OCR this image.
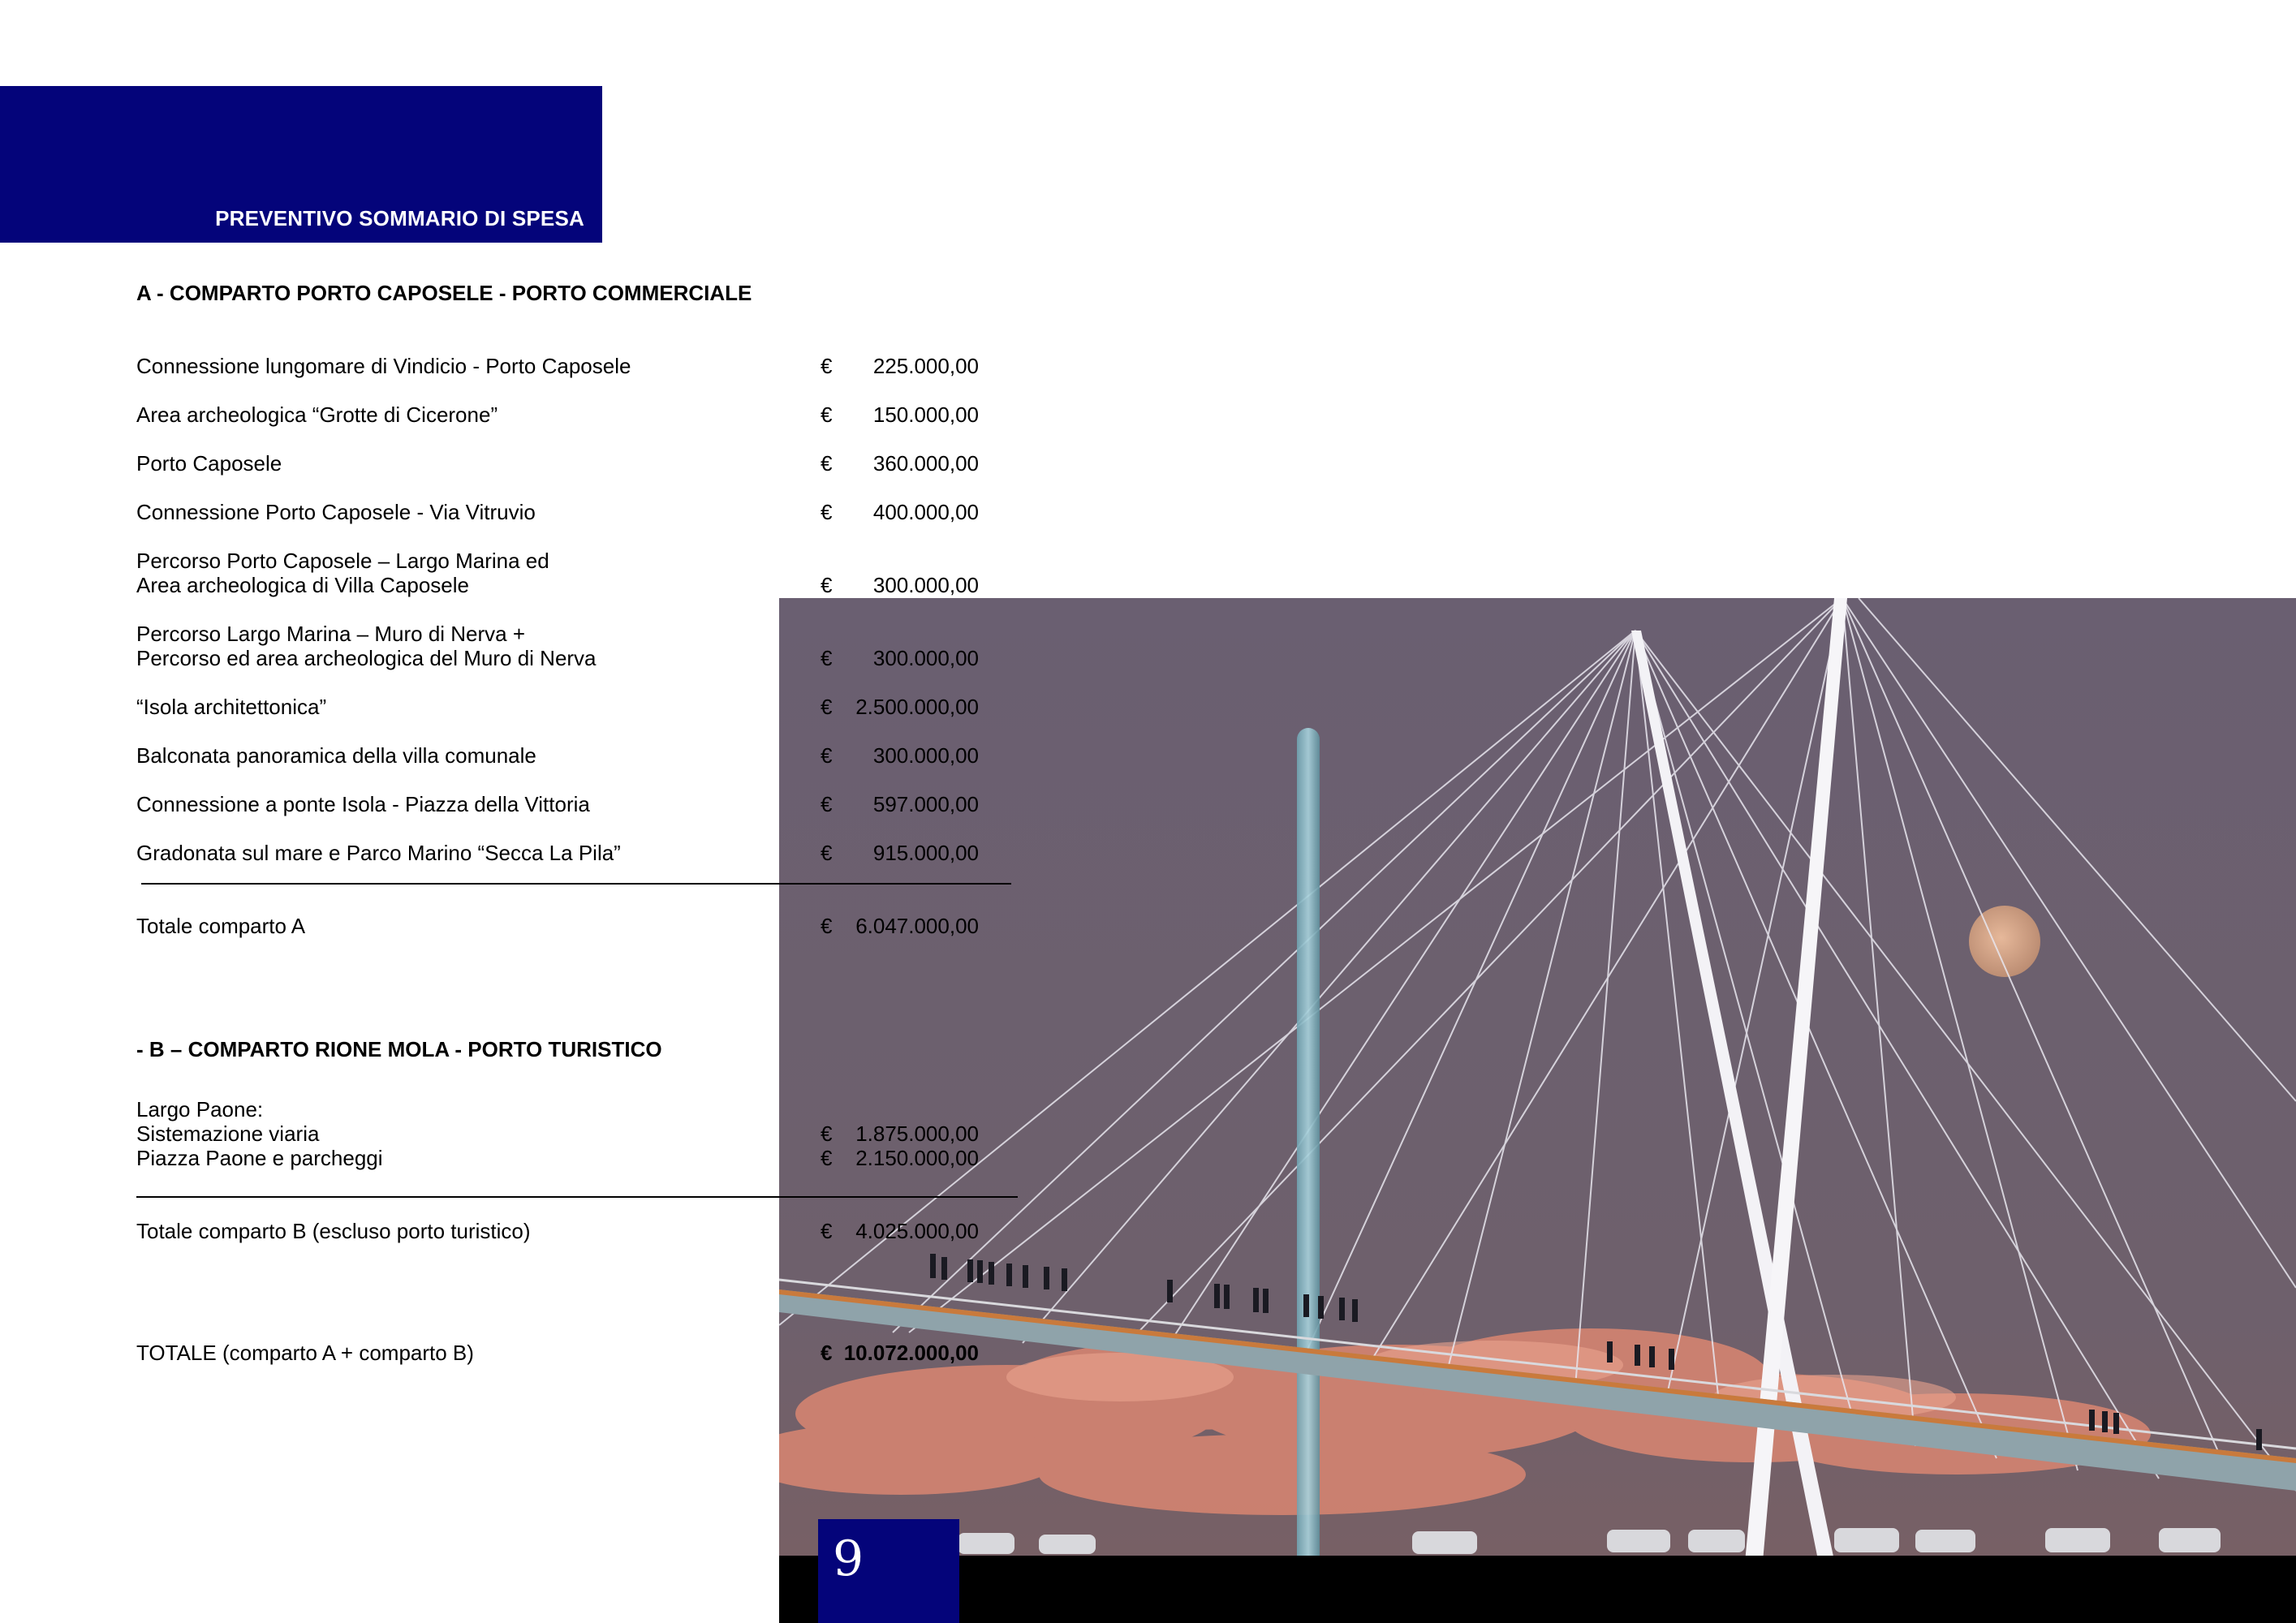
PREVENTIVO SOMMARIO DI SPESA
A - COMPARTO PORTO CAPOSELE - PORTO COMMERCIALE
Connessione lungomare di Vindicio - Porto Caposele	€	225.000,00
Area archeologica “Grotte di Cicerone”	€	150.000,00
Porto Caposele	€	360.000,00
Connessione Porto Caposele - Via Vitruvio	€	400.000,00
Percorso Porto Caposele – Largo Marina ed
Area archeologica di Villa Caposele	€	300.000,00
Percorso Largo Marina – Muro di Nerva +
Percorso ed area archeologica del Muro di Nerva	€	300.000,00
“Isola architettonica”	€	2.500.000,00
Balconata panoramica della villa comunale	€	300.000,00
Connessione a ponte Isola - Piazza della Vittoria	€	597.000,00
Gradonata sul mare e Parco Marino “Secca La Pila”	€	915.000,00
Totale comparto A	€	6.047.000,00
- B – COMPARTO RIONE MOLA - PORTO TURISTICO
Largo Paone:
Sistemazione viaria	€	1.875.000,00
Piazza Paone e parcheggi	€	2.150.000,00
Totale comparto B (escluso porto turistico)	€	4.025.000,00
TOTALE (comparto A + comparto B)	€ 10.072.000,00
9
